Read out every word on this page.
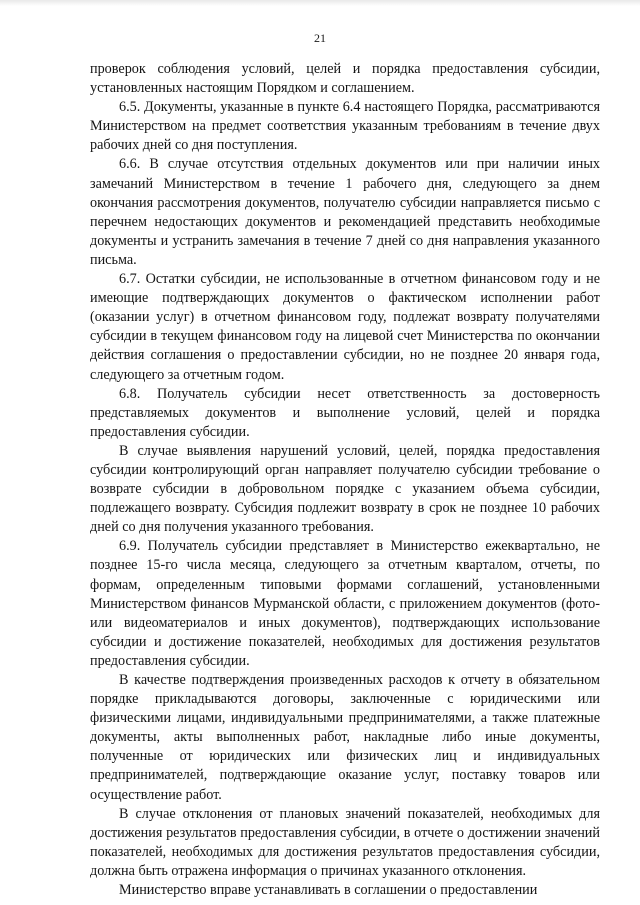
21

проверок соблюдения условий, целей и порядка предоставления субсидии, установленных настоящим Порядком и соглашением.

6.5. Документы, указанные в пункте 6.4 настоящего Порядка, рассматриваются Министерством на предмет соответствия указанным требованиям в течение двух рабочих дней со дня поступления.

6.6. В случае отсутствия отдельных документов или при наличии иных замечаний Министерством в течение 1 рабочего дня, следующего за днем окончания рассмотрения документов, получателю субсидии направляется письмо с перечнем недостающих документов и рекомендацией представить необходимые документы и устранить замечания в течение 7 дней со дня направления указанного письма.

6.7. Остатки субсидии, не использованные в отчетном финансовом году и не имеющие подтверждающих документов о фактическом исполнении работ (оказании услуг) в отчетном финансовом году, подлежат возврату получателями субсидии в текущем финансовом году на лицевой счет Министерства по окончании действия соглашения о предоставлении субсидии, но не позднее 20 января года, следующего за отчетным годом.

6.8. Получатель субсидии несет ответственность за достоверность представляемых документов и выполнение условий, целей и порядка предоставления субсидии.

В случае выявления нарушений условий, целей, порядка предоставления субсидии контролирующий орган направляет получателю субсидии требование о возврате субсидии в добровольном порядке с указанием объема субсидии, подлежащего возврату. Субсидия подлежит возврату в срок не позднее 10 рабочих дней со дня получения указанного требования.

6.9. Получатель субсидии представляет в Министерство ежеквартально, не позднее 15-го числа месяца, следующего за отчетным кварталом, отчеты, по формам, определенным типовыми формами соглашений, установленными Министерством финансов Мурманской области, с приложением документов (фото- или видеоматериалов и иных документов), подтверждающих использование субсидии и достижение показателей, необходимых для достижения результатов предоставления субсидии.

В качестве подтверждения произведенных расходов к отчету в обязательном порядке прикладываются договоры, заключенные с юридическими или физическими лицами, индивидуальными предпринимателями, а также платежные документы, акты выполненных работ, накладные либо иные документы, полученные от юридических или физических лиц и индивидуальных предпринимателей, подтверждающие оказание услуг, поставку товаров или осуществление работ.

В случае отклонения от плановых значений показателей, необходимых для достижения результатов предоставления субсидии, в отчете о достижении значений показателей, необходимых для достижения результатов предоставления субсидии, должна быть отражена информация о причинах указанного отклонения.

Министерство вправе устанавливать в соглашении о предоставлении
